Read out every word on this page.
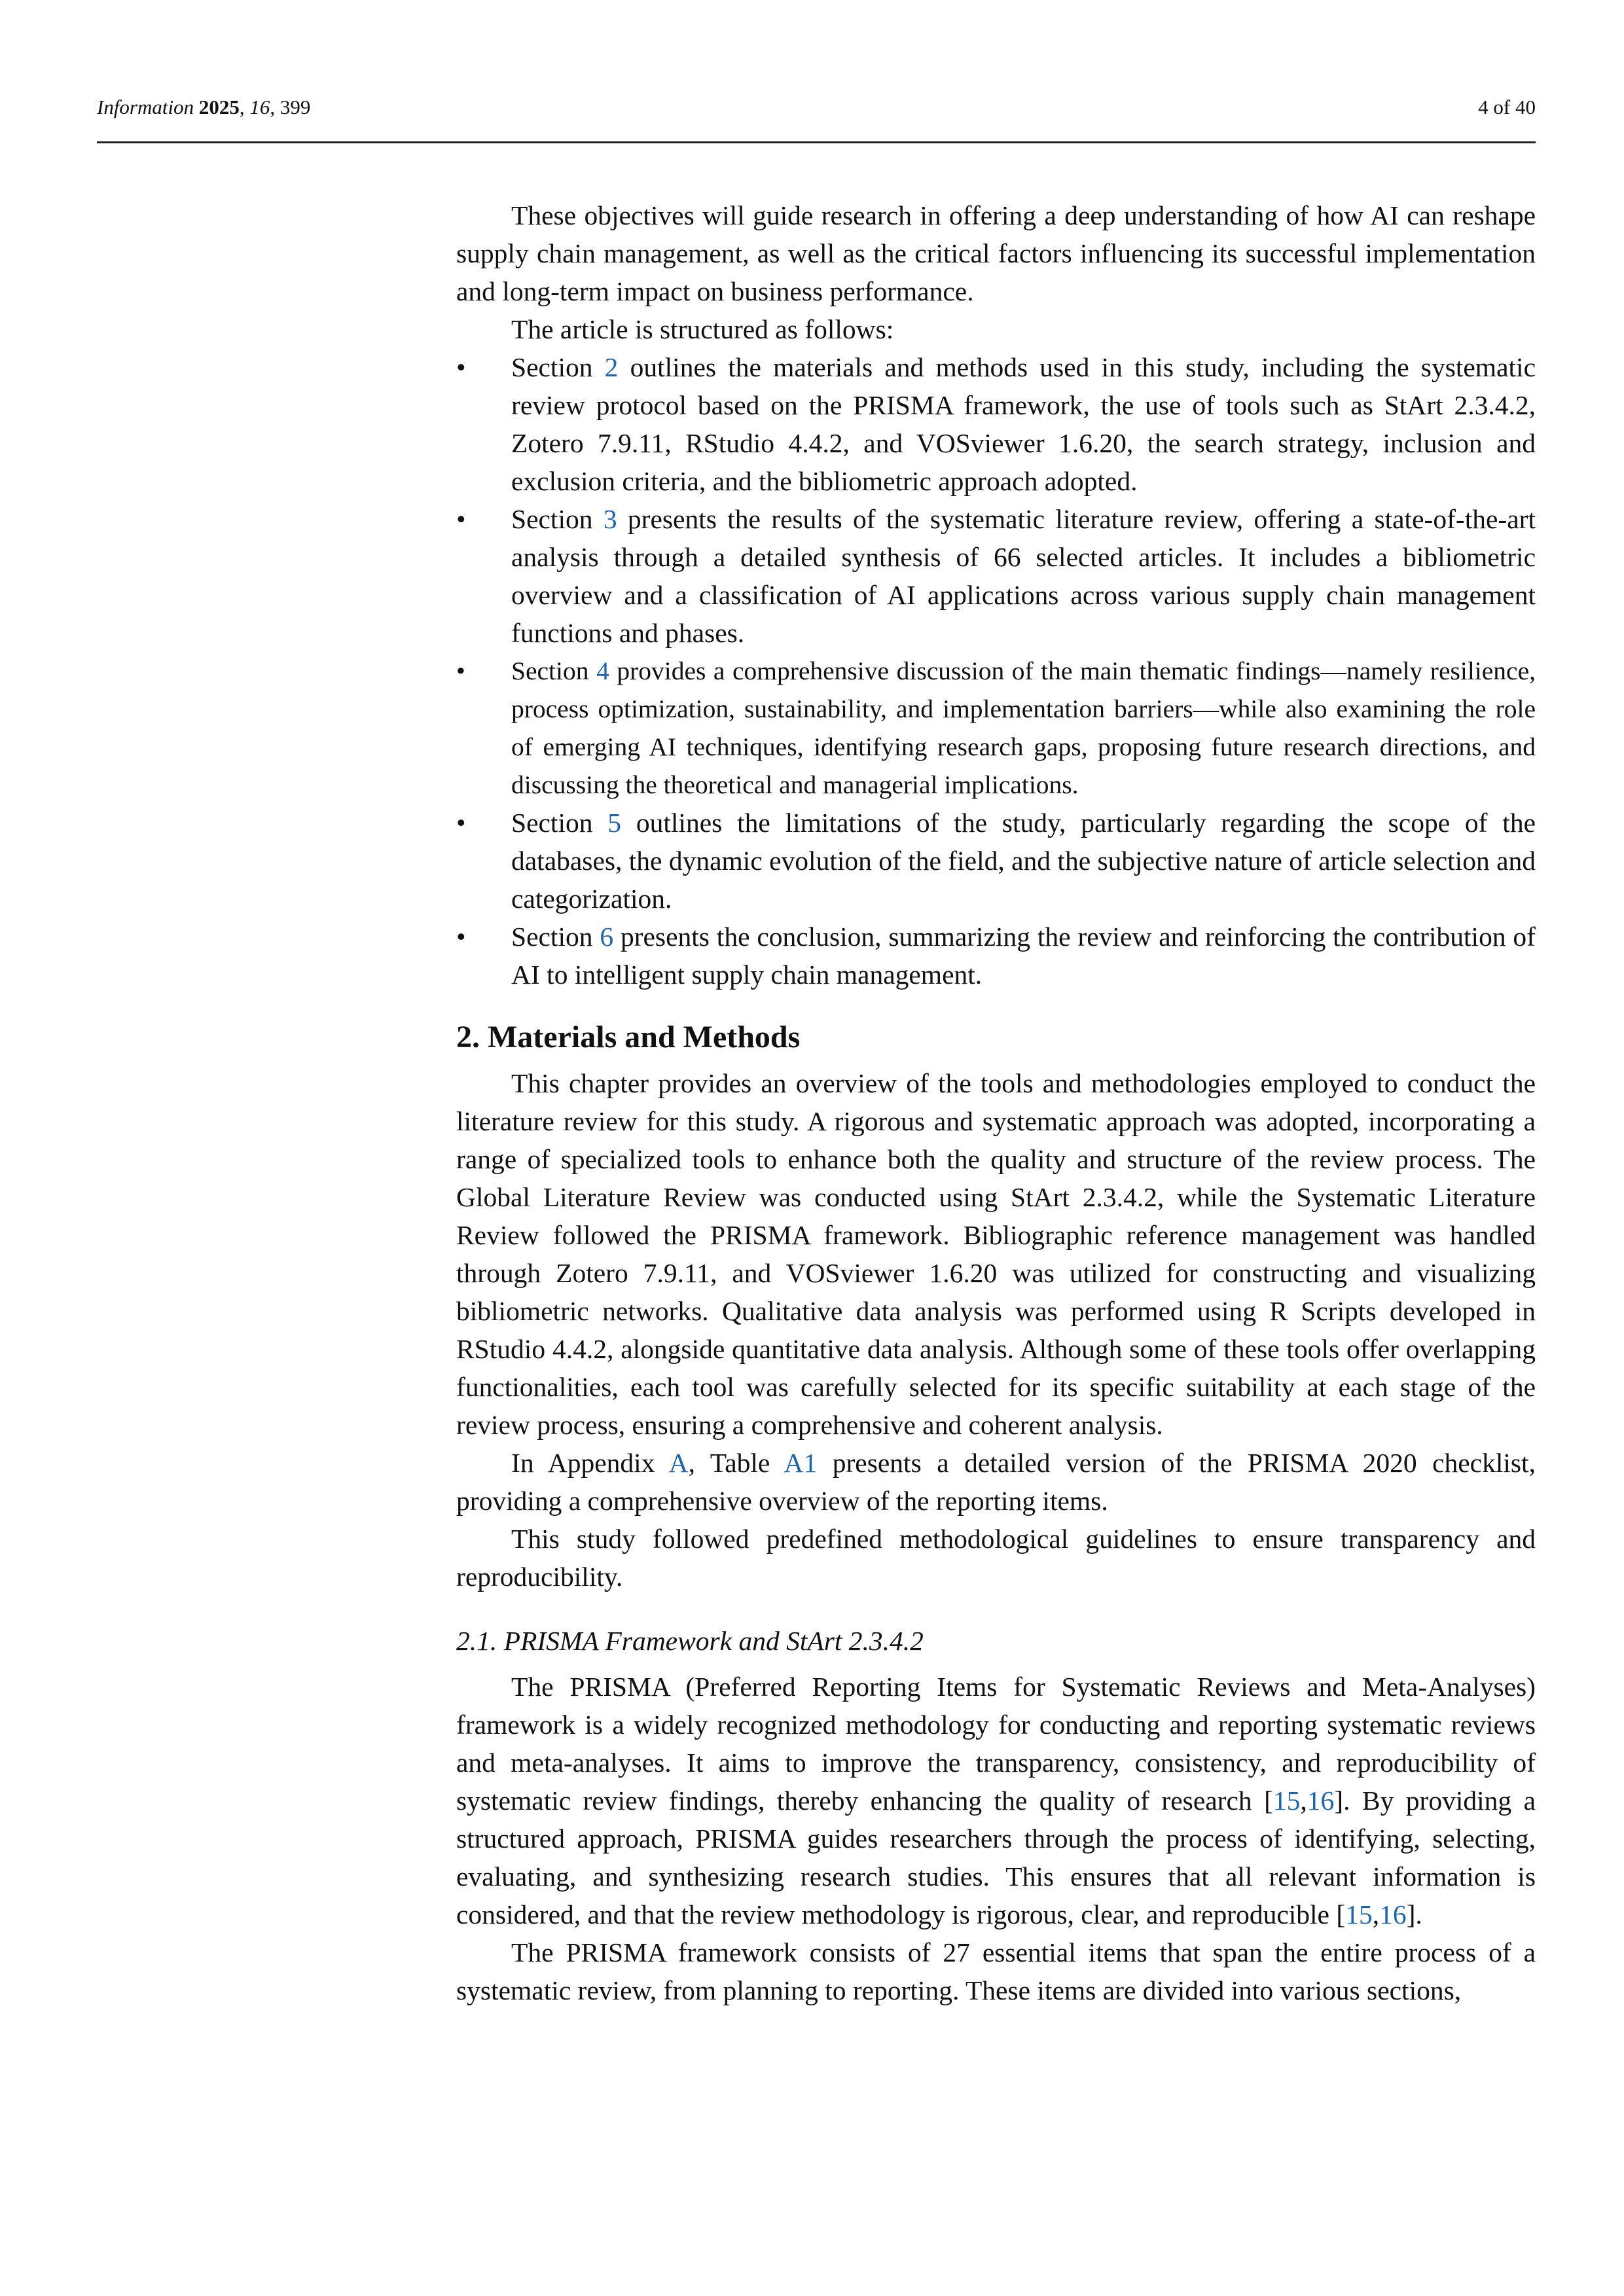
Information 2025, 16, 399	4 of 40

These objectives will guide research in offering a deep understanding of how AI can reshape supply chain management, as well as the critical factors influencing its successful implementation and long-term impact on business performance.

The article is structured as follows:

• Section 2 outlines the materials and methods used in this study, including the systematic review protocol based on the PRISMA framework, the use of tools such as StArt 2.3.4.2, Zotero 7.9.11, RStudio 4.4.2, and VOSviewer 1.6.20, the search strategy, inclusion and exclusion criteria, and the bibliometric approach adopted.
• Section 3 presents the results of the systematic literature review, offering a state-of-the-art analysis through a detailed synthesis of 66 selected articles. It includes a bibliometric overview and a classification of AI applications across various supply chain management functions and phases.
• Section 4 provides a comprehensive discussion of the main thematic findings—namely resilience, process optimization, sustainability, and implementation barriers—while also examining the role of emerging AI techniques, identifying research gaps, proposing future research directions, and discussing the theoretical and managerial implications.
• Section 5 outlines the limitations of the study, particularly regarding the scope of the databases, the dynamic evolution of the field, and the subjective nature of article selection and categorization.
• Section 6 presents the conclusion, summarizing the review and reinforcing the contribution of AI to intelligent supply chain management.
2. Materials and Methods

This chapter provides an overview of the tools and methodologies employed to conduct the literature review for this study. A rigorous and systematic approach was adopted, incorporating a range of specialized tools to enhance both the quality and structure of the review process. The Global Literature Review was conducted using StArt 2.3.4.2, while the Systematic Literature Review followed the PRISMA framework. Bibliographic reference management was handled through Zotero 7.9.11, and VOSviewer 1.6.20 was utilized for constructing and visualizing bibliometric networks. Qualitative data analysis was performed using R Scripts developed in RStudio 4.4.2, alongside quantitative data analysis. Although some of these tools offer overlapping functionalities, each tool was carefully selected for its specific suitability at each stage of the review process, ensuring a comprehensive and coherent analysis.

In Appendix A, Table A1 presents a detailed version of the PRISMA 2020 checklist, providing a comprehensive overview of the reporting items.

This study followed predefined methodological guidelines to ensure transparency and reproducibility.

2.1. PRISMA Framework and StArt 2.3.4.2

The PRISMA (Preferred Reporting Items for Systematic Reviews and Meta-Analyses) framework is a widely recognized methodology for conducting and reporting systematic reviews and meta-analyses. It aims to improve the transparency, consistency, and reproducibility of systematic review findings, thereby enhancing the quality of research [15,16]. By providing a structured approach, PRISMA guides researchers through the process of identifying, selecting, evaluating, and synthesizing research studies. This ensures that all relevant information is considered, and that the review methodology is rigorous, clear, and reproducible [15,16].

The PRISMA framework consists of 27 essential items that span the entire process of a systematic review, from planning to reporting. These items are divided into various sections,
